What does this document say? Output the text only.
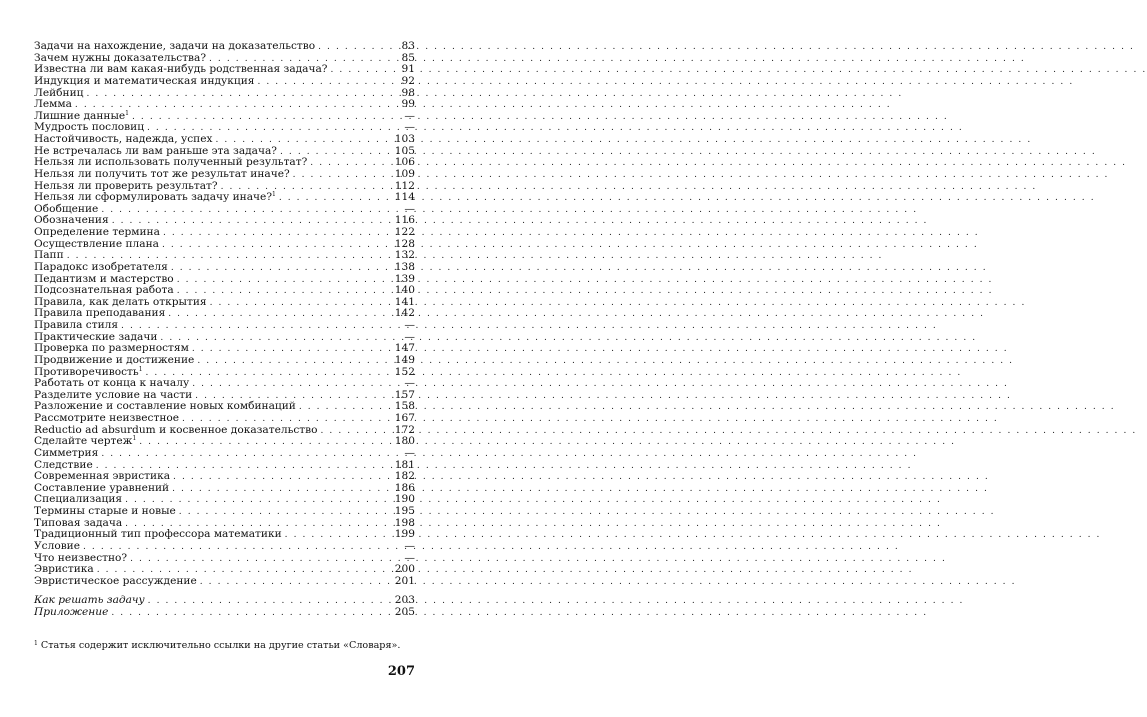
Задачи на нахождение, задачи на доказательство . . .	83
Зачем нужны доказательства? . . .	85
Известна ли вам какая-нибудь родственная задача? . . .	91
Индукция и математическая индукция . . .	92
Лейбниц . . .	98
Лемма . . .	99
Лишние данные$^1$ . . .	—
Мудрость пословиц . . .	—
Настойчивость, надежда, успех . . .	103
Не встречалась ли вам раньше эта задача? . . .	105
Нельзя ли использовать полученный результат? . . .	106
Нельзя ли получить тот же результат иначе? . . .	109
Нельзя ли проверить результат? . . .	112
Нельзя ли сформулировать задачу иначе?$^1$ . . .	114
Обобщение . . .	—
Обозначения . . .	116
Определение термина . . .	122
Осуществление плана . . .	128
Папп . . .	132
Парадокс изобретателя . . .	138
Педантизм и мастерство . . .	139
Подсознательная работа . . .	140
Правила, как делать открытия . . .	141
Правила преподавания . . .	142
Правила стиля . . .	—
Практические задачи . . .	—
Проверка по размерностям . . .	147
Продвижение и достижение . . .	149
Противоречивость$^1$ . . .	152
Работать от конца к началу . . .	—
Разделите условие на части . . .	157
Разложение и составление новых комбинаций . . .	158
Рассмотрите неизвестное . . .	167
Reductio ad absurdum и косвенное доказательство . . .	172
Сделайте чертеж$^1$ . . .	180
Симметрия . . .	—
Следствие . . .	181
Современная эвристика . . .	182
Составление уравнений . . .	186
Специализация . . .	190
Термины старые и новые . . .	195
Типовая задача . . .	198
Традиционный тип профессора математики . . .	199
Условие . . .	—
Что неизвестно? . . .	—
Эвристика . . .	200
Эвристическое рассуждение . . .	201
Как решать задачу . . .	203
Приложение . . .	205
$^1$ Статья содержит исключительно ссылки на другие статьи «Словаря».
207
